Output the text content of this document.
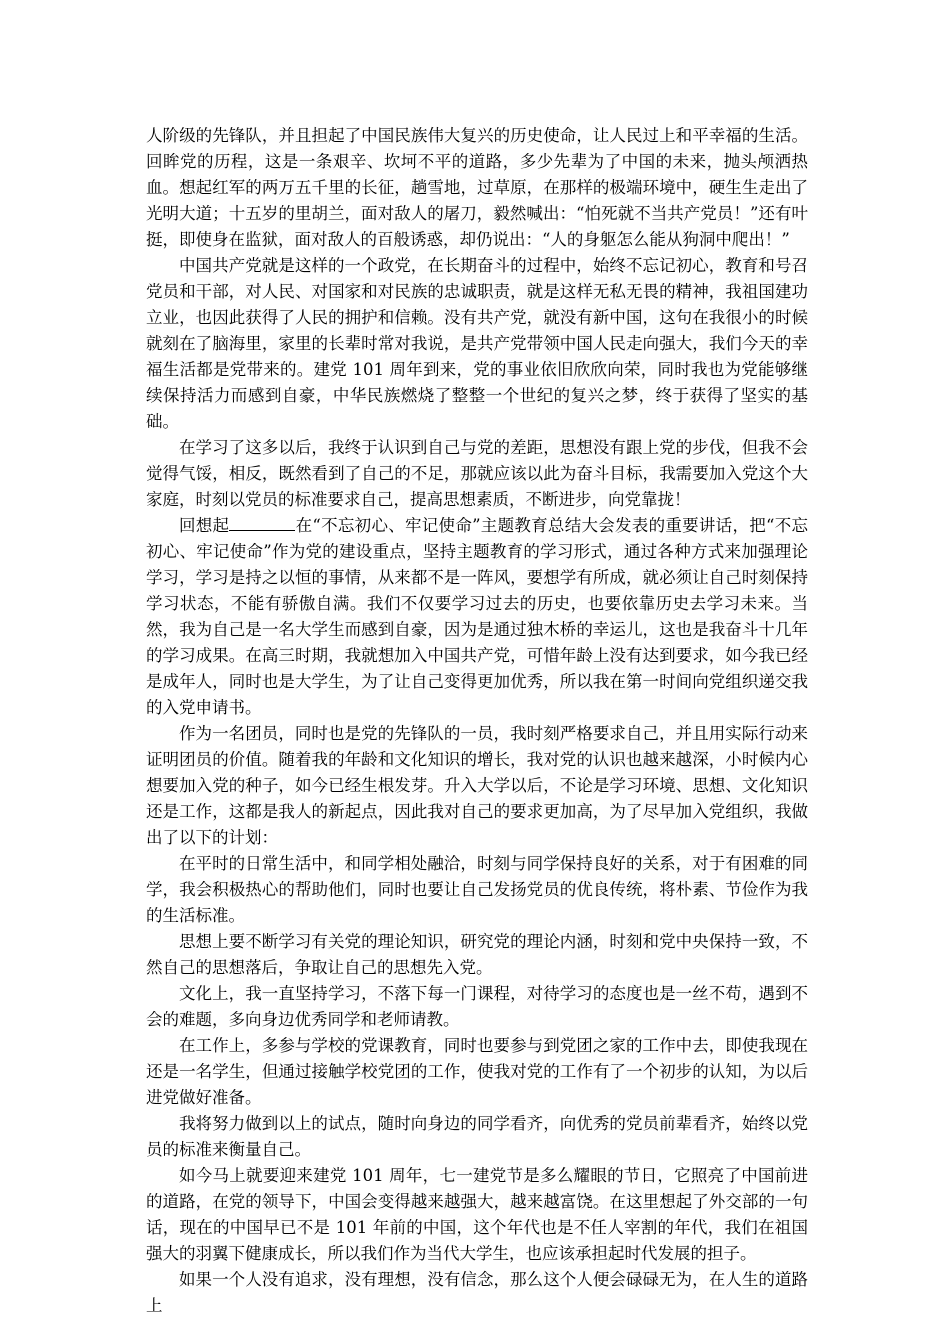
人阶级的先锋队，并且担起了中国民族伟大复兴的历史使命，让人民过上和平幸福的生活。回眸党的历程，这是一条艰辛、坎坷不平的道路，多少先辈为了中国的未来，抛头颅洒热血。想起红军的两万五千里的长征，趟雪地，过草原，在那样的极端环境中，硬生生走出了光明大道；十五岁的里胡兰，面对敌人的屠刀，毅然喊出：“怕死就不当共产党员！”还有叶挺，即使身在监狱，面对敌人的百般诱惑，却仍说出：“人的身躯怎么能从狗洞中爬出！”

中国共产党就是这样的一个政党，在长期奋斗的过程中，始终不忘记初心，教育和号召党员和干部，对人民、对国家和对民族的忠诚职责，就是这样无私无畏的精神，我祖国建功立业，也因此获得了人民的拥护和信赖。没有共产党，就没有新中国，这句在我很小的时候就刻在了脑海里，家里的长辈时常对我说，是共产党带领中国人民走向强大，我们今天的幸福生活都是党带来的。建党 101 周年到来，党的事业依旧欣欣向荣，同时我也为党能够继续保持活力而感到自豪，中华民族燃烧了整整一个世纪的复兴之梦，终于获得了坚实的基础。

在学习了这多以后，我终于认识到自己与党的差距，思想没有跟上党的步伐，但我不会觉得气馁，相反，既然看到了自己的不足，那就应该以此为奋斗目标，我需要加入党这个大家庭，时刻以党员的标准要求自己，提高思想素质，不断进步，向党靠拢！

回想起	在“不忘初心、牢记使命”主题教育总结大会发表的重要讲话，把“不忘初心、牢记使命”作为党的建设重点，坚持主题教育的学习形式，通过各种方式来加强理论学习，学习是持之以恒的事情，从来都不是一阵风，要想学有所成，就必须让自己时刻保持学习状态，不能有骄傲自满。我们不仅要学习过去的历史，也要依靠历史去学习未来。当然，我为自己是一名大学生而感到自豪，因为是通过独木桥的幸运儿，这也是我奋斗十几年的学习成果。在高三时期，我就想加入中国共产党，可惜年龄上没有达到要求，如今我已经是成年人，同时也是大学生，为了让自己变得更加优秀，所以我在第一时间向党组织递交我的入党申请书。

作为一名团员，同时也是党的先锋队的一员，我时刻严格要求自己，并且用实际行动来证明团员的价值。随着我的年龄和文化知识的增长，我对党的认识也越来越深，小时候内心想要加入党的种子，如今已经生根发芽。升入大学以后，不论是学习环境、思想、文化知识还是工作，这都是我人的新起点，因此我对自己的要求更加高，为了尽早加入党组织，我做出了以下的计划：

在平时的日常生活中，和同学相处融洽，时刻与同学保持良好的关系，对于有困难的同学，我会积极热心的帮助他们，同时也要让自己发扬党员的优良传统，将朴素、节俭作为我的生活标准。

思想上要不断学习有关党的理论知识，研究党的理论内涵，时刻和党中央保持一致，不然自己的思想落后，争取让自己的思想先入党。

文化上，我一直坚持学习，不落下每一门课程，对待学习的态度也是一丝不苟，遇到不会的难题，多向身边优秀同学和老师请教。

在工作上，多参与学校的党课教育，同时也要参与到党团之家的工作中去，即使我现在还是一名学生，但通过接触学校党团的工作，使我对党的工作有了一个初步的认知，为以后进党做好准备。

我将努力做到以上的试点，随时向身边的同学看齐，向优秀的党员前辈看齐，始终以党员的标准来衡量自己。

如今马上就要迎来建党 101 周年，七一建党节是多么耀眼的节日，它照亮了中国前进的道路，在党的领导下，中国会变得越来越强大，越来越富饶。在这里想起了外交部的一句话，现在的中国早已不是 101 年前的中国，这个年代也是不任人宰割的年代，我们在祖国强大的羽翼下健康成长，所以我们作为当代大学生，也应该承担起时代发展的担子。

如果一个人没有追求，没有理想，没有信念，那么这个人便会碌碌无为，在人生的道路上
